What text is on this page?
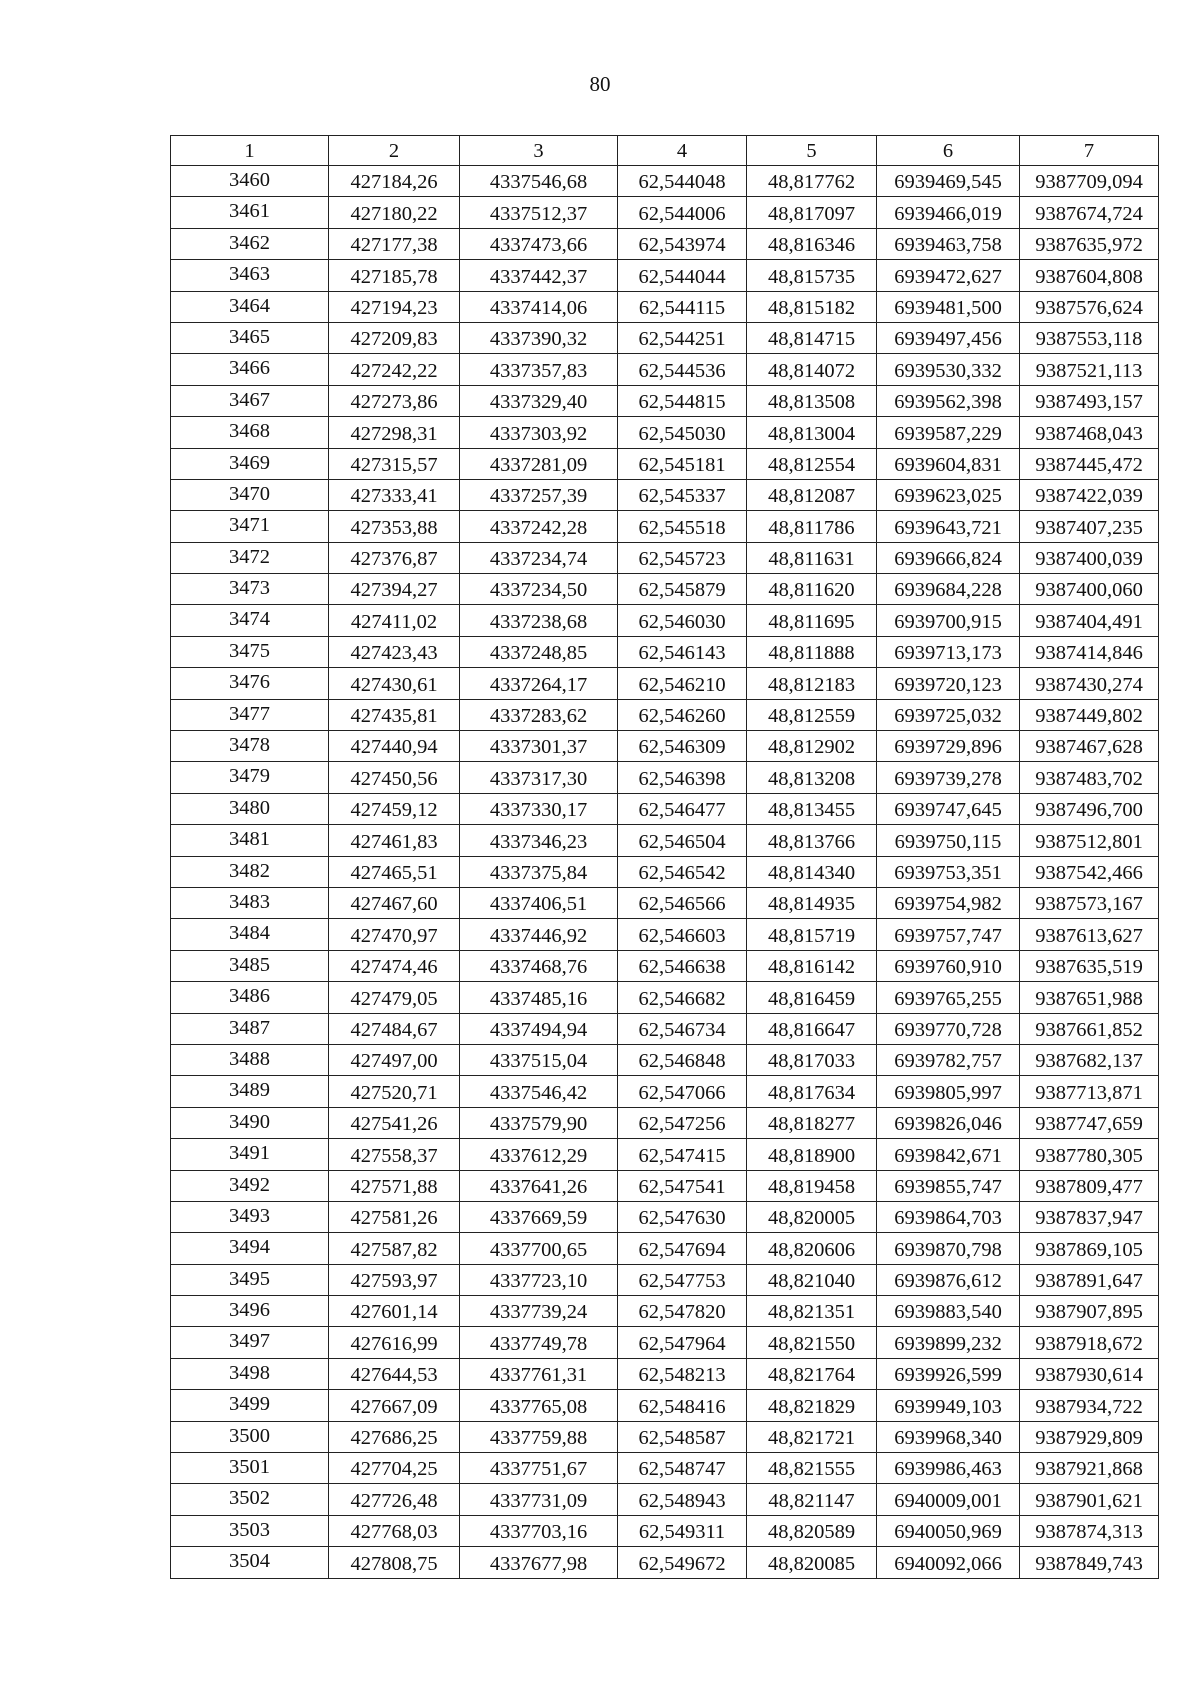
80
1	2	3	4	5	6	7
3460	427184,26	4337546,68	62,544048	48,817762	6939469,545	9387709,094
3461	427180,22	4337512,37	62,544006	48,817097	6939466,019	9387674,724
3462	427177,38	4337473,66	62,543974	48,816346	6939463,758	9387635,972
3463	427185,78	4337442,37	62,544044	48,815735	6939472,627	9387604,808
3464	427194,23	4337414,06	62,544115	48,815182	6939481,500	9387576,624
3465	427209,83	4337390,32	62,544251	48,814715	6939497,456	9387553,118
3466	427242,22	4337357,83	62,544536	48,814072	6939530,332	9387521,113
3467	427273,86	4337329,40	62,544815	48,813508	6939562,398	9387493,157
3468	427298,31	4337303,92	62,545030	48,813004	6939587,229	9387468,043
3469	427315,57	4337281,09	62,545181	48,812554	6939604,831	9387445,472
3470	427333,41	4337257,39	62,545337	48,812087	6939623,025	9387422,039
3471	427353,88	4337242,28	62,545518	48,811786	6939643,721	9387407,235
3472	427376,87	4337234,74	62,545723	48,811631	6939666,824	9387400,039
3473	427394,27	4337234,50	62,545879	48,811620	6939684,228	9387400,060
3474	427411,02	4337238,68	62,546030	48,811695	6939700,915	9387404,491
3475	427423,43	4337248,85	62,546143	48,811888	6939713,173	9387414,846
3476	427430,61	4337264,17	62,546210	48,812183	6939720,123	9387430,274
3477	427435,81	4337283,62	62,546260	48,812559	6939725,032	9387449,802
3478	427440,94	4337301,37	62,546309	48,812902	6939729,896	9387467,628
3479	427450,56	4337317,30	62,546398	48,813208	6939739,278	9387483,702
3480	427459,12	4337330,17	62,546477	48,813455	6939747,645	9387496,700
3481	427461,83	4337346,23	62,546504	48,813766	6939750,115	9387512,801
3482	427465,51	4337375,84	62,546542	48,814340	6939753,351	9387542,466
3483	427467,60	4337406,51	62,546566	48,814935	6939754,982	9387573,167
3484	427470,97	4337446,92	62,546603	48,815719	6939757,747	9387613,627
3485	427474,46	4337468,76	62,546638	48,816142	6939760,910	9387635,519
3486	427479,05	4337485,16	62,546682	48,816459	6939765,255	9387651,988
3487	427484,67	4337494,94	62,546734	48,816647	6939770,728	9387661,852
3488	427497,00	4337515,04	62,546848	48,817033	6939782,757	9387682,137
3489	427520,71	4337546,42	62,547066	48,817634	6939805,997	9387713,871
3490	427541,26	4337579,90	62,547256	48,818277	6939826,046	9387747,659
3491	427558,37	4337612,29	62,547415	48,818900	6939842,671	9387780,305
3492	427571,88	4337641,26	62,547541	48,819458	6939855,747	9387809,477
3493	427581,26	4337669,59	62,547630	48,820005	6939864,703	9387837,947
3494	427587,82	4337700,65	62,547694	48,820606	6939870,798	9387869,105
3495	427593,97	4337723,10	62,547753	48,821040	6939876,612	9387891,647
3496	427601,14	4337739,24	62,547820	48,821351	6939883,540	9387907,895
3497	427616,99	4337749,78	62,547964	48,821550	6939899,232	9387918,672
3498	427644,53	4337761,31	62,548213	48,821764	6939926,599	9387930,614
3499	427667,09	4337765,08	62,548416	48,821829	6939949,103	9387934,722
3500	427686,25	4337759,88	62,548587	48,821721	6939968,340	9387929,809
3501	427704,25	4337751,67	62,548747	48,821555	6939986,463	9387921,868
3502	427726,48	4337731,09	62,548943	48,821147	6940009,001	9387901,621
3503	427768,03	4337703,16	62,549311	48,820589	6940050,969	9387874,313
3504	427808,75	4337677,98	62,549672	48,820085	6940092,066	9387849,743
